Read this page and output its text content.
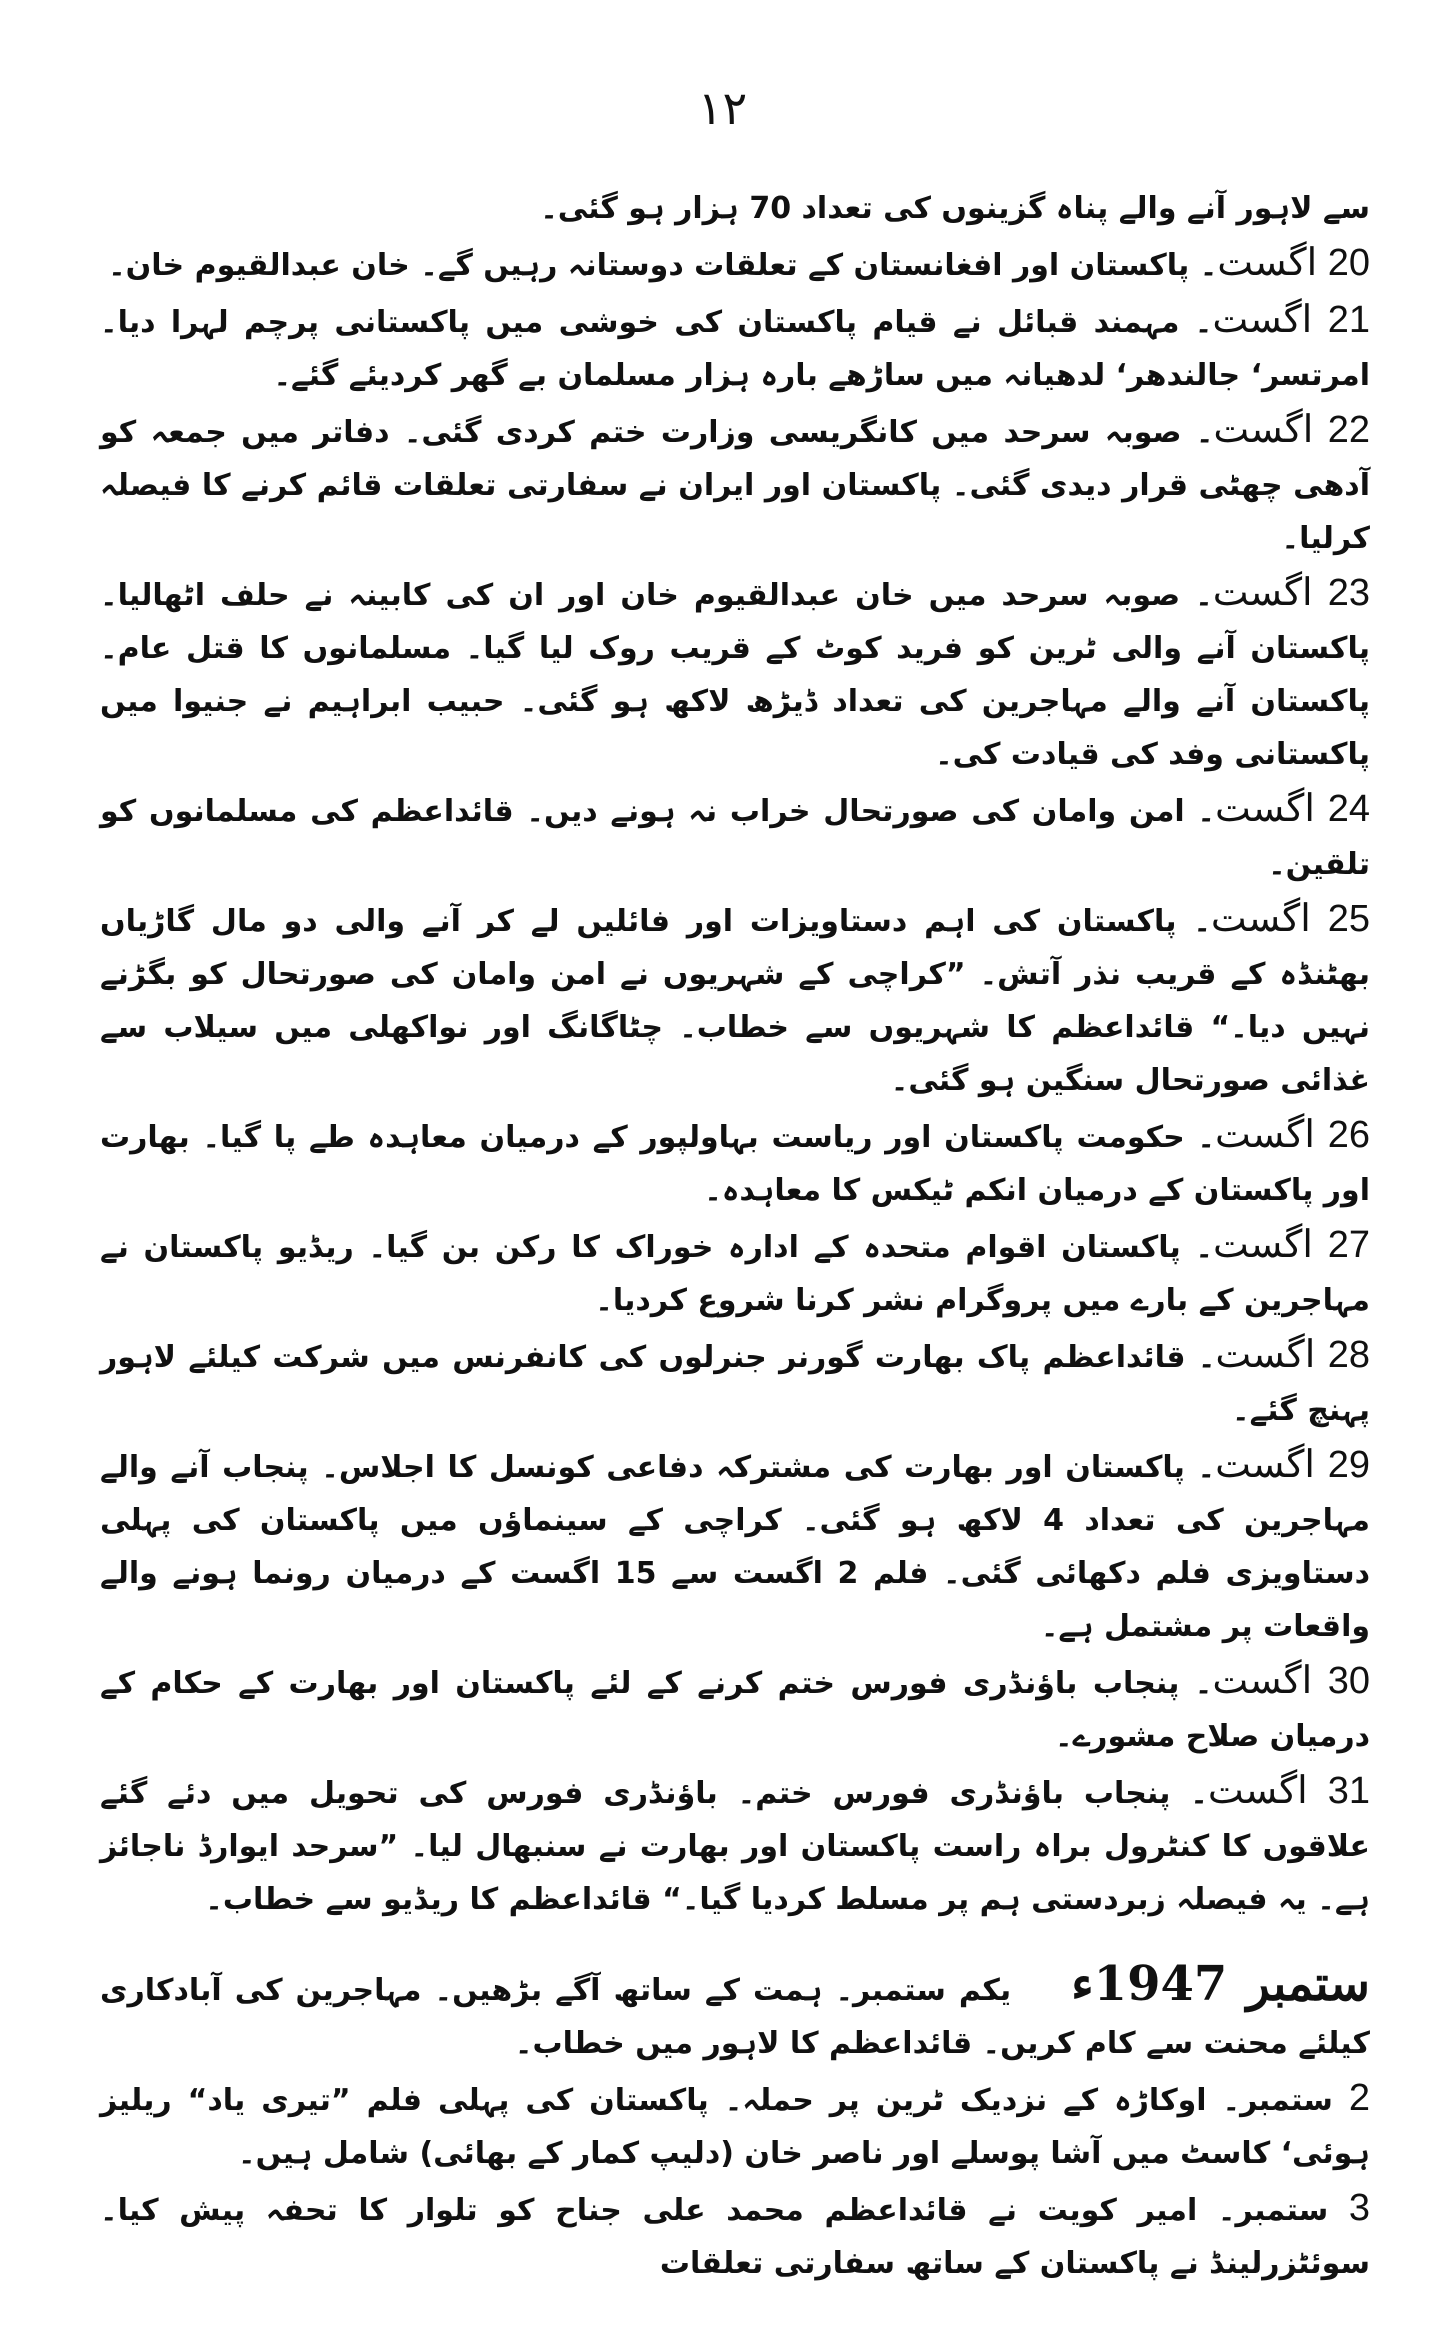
۱۲

سے لاہور آنے والے پناہ گزینوں کی تعداد 70 ہزار ہو گئی۔

20 اگست۔ پاکستان اور افغانستان کے تعلقات دوستانہ رہیں گے۔ خان عبدالقیوم خان۔

21 اگست۔ مہمند قبائل نے قیام پاکستان کی خوشی میں پاکستانی پرچم لہرا دیا۔ امرتسر‘ جالندھر‘ لدھیانہ میں ساڑھے بارہ ہزار مسلمان بے گھر کردیئے گئے۔

22 اگست۔ صوبہ سرحد میں کانگریسی وزارت ختم کردی گئی۔ دفاتر میں جمعہ کو آدھی چھٹی قرار دیدی گئی۔ پاکستان اور ایران نے سفارتی تعلقات قائم کرنے کا فیصلہ کرلیا۔

23 اگست۔ صوبہ سرحد میں خان عبدالقیوم خان اور ان کی کابینہ نے حلف اٹھالیا۔ پاکستان آنے والی ٹرین کو فرید کوٹ کے قریب روک لیا گیا۔ مسلمانوں کا قتل عام۔ پاکستان آنے والے مہاجرین کی تعداد ڈیڑھ لاکھ ہو گئی۔ حبیب ابراہیم نے جنیوا میں پاکستانی وفد کی قیادت کی۔

24 اگست۔ امن وامان کی صورتحال خراب نہ ہونے دیں۔ قائداعظم کی مسلمانوں کو تلقین۔

25 اگست۔ پاکستان کی اہم دستاویزات اور فائلیں لے کر آنے والی دو مال گاڑیاں بھٹنڈہ کے قریب نذر آتش۔ ”کراچی کے شہریوں نے امن وامان کی صورتحال کو بگڑنے نہیں دیا۔“ قائداعظم کا شہریوں سے خطاب۔ چٹاگانگ اور نواکھلی میں سیلاب سے غذائی صورتحال سنگین ہو گئی۔

26 اگست۔ حکومت پاکستان اور ریاست بہاولپور کے درمیان معاہدہ طے پا گیا۔ بھارت اور پاکستان کے درمیان انکم ٹیکس کا معاہدہ۔

27 اگست۔ پاکستان اقوام متحدہ کے ادارہ خوراک کا رکن بن گیا۔ ریڈیو پاکستان نے مہاجرین کے بارے میں پروگرام نشر کرنا شروع کردیا۔

28 اگست۔ قائداعظم پاک بھارت گورنر جنرلوں کی کانفرنس میں شرکت کیلئے لاہور پہنچ گئے۔

29 اگست۔ پاکستان اور بھارت کی مشترکہ دفاعی کونسل کا اجلاس۔ پنجاب آنے والے مہاجرین کی تعداد 4 لاکھ ہو گئی۔ کراچی کے سینماؤں میں پاکستان کی پہلی دستاویزی فلم دکھائی گئی۔ فلم 2 اگست سے 15 اگست کے درمیان رونما ہونے والے واقعات پر مشتمل ہے۔

30 اگست۔ پنجاب باؤنڈری فورس ختم کرنے کے لئے پاکستان اور بھارت کے حکام کے درمیان صلاح مشورے۔

31 اگست۔ پنجاب باؤنڈری فورس ختم۔ باؤنڈری فورس کی تحویل میں دئے گئے علاقوں کا کنٹرول براہ راست پاکستان اور بھارت نے سنبھال لیا۔ ”سرحد ایوارڈ ناجائز ہے۔ یہ فیصلہ زبردستی ہم پر مسلط کردیا گیا۔“ قائداعظم کا ریڈیو سے خطاب۔

ستمبر 1947ءیکم ستمبر۔ ہمت کے ساتھ آگے بڑھیں۔ مہاجرین کی آبادکاری کیلئے محنت سے کام کریں۔ قائداعظم کا لاہور میں خطاب۔

2 ستمبر۔ اوکاڑہ کے نزدیک ٹرین پر حملہ۔ پاکستان کی پہلی فلم ”تیری یاد“ ریلیز ہوئی‘ کاسٹ میں آشا پوسلے اور ناصر خان (دلیپ کمار کے بھائی) شامل ہیں۔

3 ستمبر۔ امیر کویت نے قائداعظم محمد علی جناح کو تلوار کا تحفہ پیش کیا۔ سوئٹزرلینڈ نے پاکستان کے ساتھ سفارتی تعلقات
